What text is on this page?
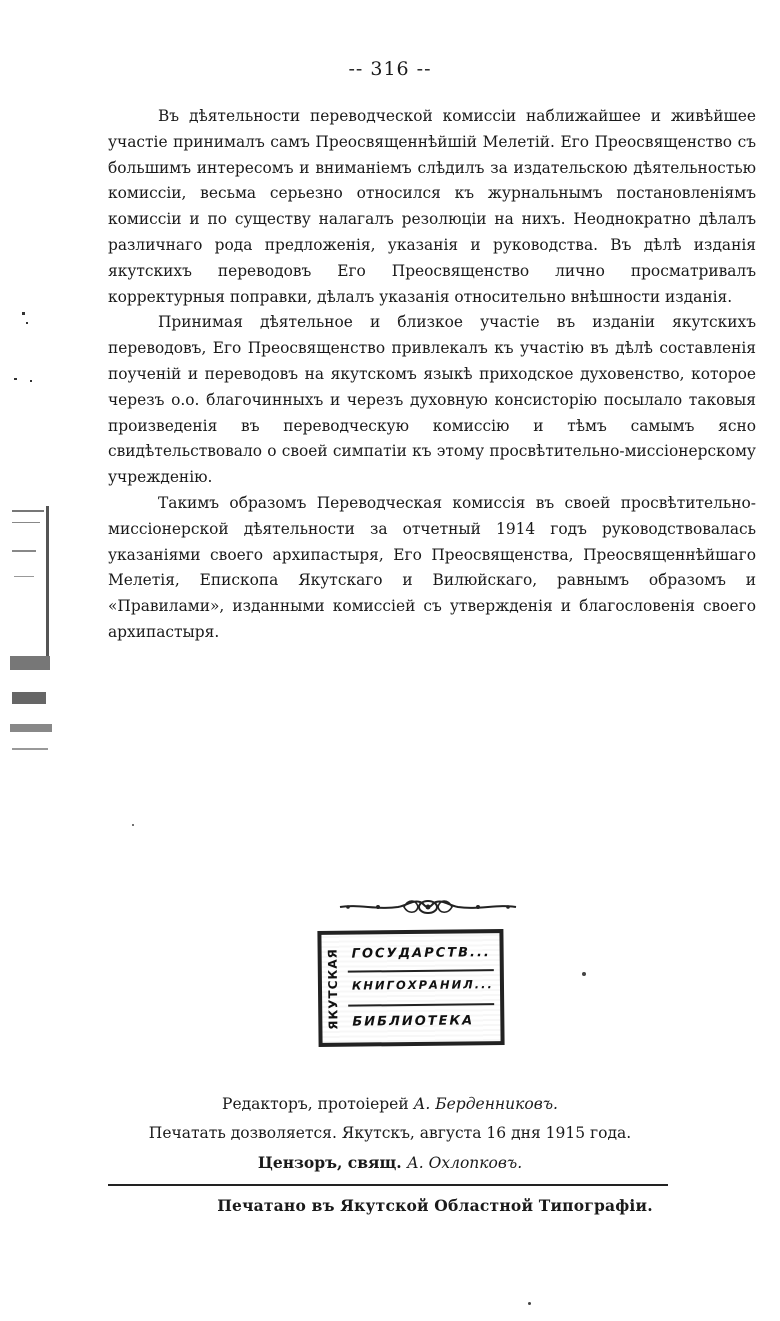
-- 316 --

Въ дѣятельности переводческой комиссiи наближайшее и живѣйшее участiе принималъ самъ Преосвященнѣйшiй Мелетiй. Его Преосвященство съ большимъ интересомъ и вниманiемъ слѣдилъ за издательскою дѣятельностью комиссiи, весьма серьезно относился къ журнальнымъ постановленiямъ комиссiи и по существу налагалъ резолюцiи на нихъ. Неоднократно дѣлалъ различнаго рода предложенiя, указанiя и руководства. Въ дѣлѣ изданiя якутскихъ переводовъ Его Преосвященство лично просматривалъ корректурныя поправки, дѣлалъ указанiя относительно внѣшности изданiя.

Принимая дѣятельное и близкое участiе въ изданiи якутскихъ переводовъ, Его Преосвященство привлекалъ къ участiю въ дѣлѣ составленiя поученiй и переводовъ на якутскомъ языкѣ приходское духовенство, которое черезъ о.о. благочинныхъ и черезъ духовную консисторiю посылало таковыя произведенiя въ переводческую комиссiю и тѣмъ самымъ ясно свидѣтельствовало о своей симпатiи къ этому просвѣтительно-миссiонерскому учрежденiю.

Такимъ образомъ Переводческая комиссiя въ своей просвѣтительно-миссiонерской дѣятельности за отчетный 1914 годъ руководствовалась указанiями своего архипастыря, Его Преосвященства, Преосвященнѣйшаго Мелетiя, Епископа Якутскаго и Вилюйскаго, равнымъ образомъ и «Правилами», изданными комиссiей съ утвержденiя и благословенiя своего архипастыря.

ЯКУТСКАЯ ГОСУДАРСТВ...
КНИГОХРАНИЛ...
БИБЛИОТЕКА
Редакторъ, протоiерей А. Берденниковъ.
Печатать дозволяется. Якутскъ, августа 16 дня 1915 года.
Цензоръ, свящ. А. Охлопковъ.
Печатано въ Якутской Областной Типографiи.
